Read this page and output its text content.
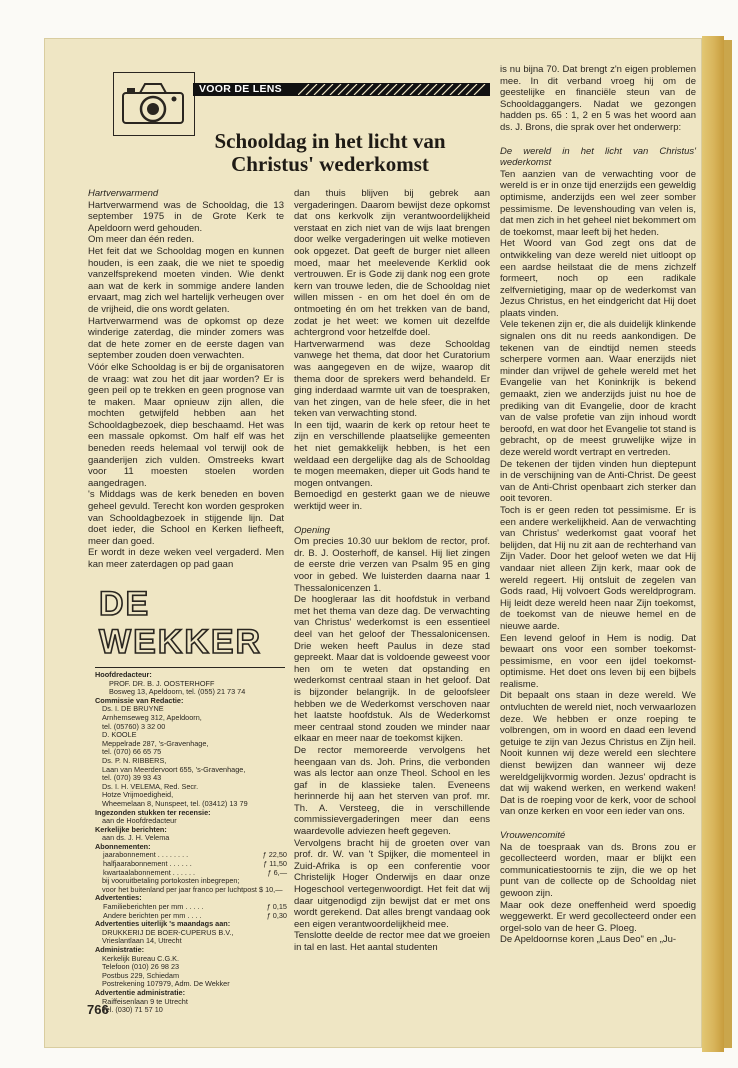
VOOR DE LENS
Schooldag in het licht van Christus' wederkomst

Hartverwarmend

Hartverwarmend was de Schooldag, die 13 september 1975 in de Grote Kerk te Apeldoorn werd gehouden.

Om meer dan één reden.

Het feit dat we Schooldag mogen en kunnen houden, is een zaak, die we niet te spoedig vanzelfsprekend moeten vinden. Wie denkt aan wat de kerk in sommige andere landen ervaart, mag zich wel hartelijk verheugen over de vrijheid, die ons wordt gelaten.

Hartverwarmend was de opkomst op deze winderige zaterdag, die minder zomers was dat de hete zomer en de eerste dagen van september zouden doen verwachten.

Vóór elke Schooldag is er bij de organisatoren de vraag: wat zou het dit jaar worden? Er is geen peil op te trekken en geen prognose van te maken. Maar opnieuw zijn allen, die mochten getwijfeld hebben aan het Schooldagbezoek, diep beschaamd. Het was een massale opkomst. Om half elf was het beneden reeds helemaal vol terwijl ook de gaanderijen zich vulden. Omstreeks kwart voor 11 moesten stoelen worden aangedragen.

's Middags was de kerk beneden en boven geheel gevuld. Terecht kon worden gesproken van Schooldagbezoek in stijgende lijn. Dat doet ieder, die School en Kerken liefheeft, meer dan goed.

Er wordt in deze weken veel vergaderd. Men kan meer zaterdagen op pad gaan

DE WEKKER
Hoofdredacteur:
PROF. DR. B. J. OOSTERHOFF
Bosweg 13, Apeldoorn, tel. (055) 21 73 74
Commissie van Redactie:
Ds. I. DE BRUYNE
Arnhemseweg 312, Apeldoorn,
tel. (05760) 3 32 00
D. KOOLE
Meppelrade 287, 's-Gravenhage,
tel. (070) 66 65 75
Ds. P. N. RIBBERS,
Laan van Meerdervoort 655, 's-Gravenhage,
tel. (070) 39 93 43
Ds. I. H. VELEMA, Red. Secr.
Hotze Vrijmoedigheid,
Wheemelaan 8, Nunspeet, tel. (03412) 13 79
Ingezonden stukken ter recensie:
aan de Hoofdredacteur
Kerkelijke berichten:
aan ds. J. H. Velema
Abonnementen:
jaarabonnement . . . . . . . .	ƒ 22,50
halfjaarabonnement . . . . . .	ƒ 11,50
kwartaalabonnement . . . . . .	ƒ 6,—
bij vooruitbetaling portokosten inbegrepen;
voor het buitenland per jaar franco per luchtpost $ 10,—
Advertenties:
Familieberichten per mm . . . . .	ƒ 0,15
Andere berichten per mm . . . .	ƒ 0,30
Advertenties uiterlijk 's maandags aan:
DRUKKERIJ DE BOER-CUPERUS B.V.,
Vrieslantlaan 14, Utrecht
Administratie:
Kerkelijk Bureau C.G.K.
Telefoon (010) 26 98 23
Postbus 229, Schiedam
Postrekening 107979, Adm. De Wekker
Advertentie administratie:
Raiffeisenlaan 9 te Utrecht
Tel. (030) 71 57 10

dan thuis blijven bij gebrek aan vergaderingen. Daarom bewijst deze opkomst dat ons kerkvolk zijn verantwoordelijkheid verstaat en zich niet van de wijs laat brengen door welke vergaderingen uit welke motieven ook opgezet. Dat geeft de burger niet alleen moed, maar het meelevende Kerklid ook vertrouwen. Er is Gode zij dank nog een grote kern van trouwe leden, die de Schooldag niet willen missen - en om het doel én om de ontmoeting én om het trekken van de band, zodat je het weet: we komen uit dezelfde achtergrond voor hetzelfde doel.

Hartverwarmend was deze Schooldag vanwege het thema, dat door het Curatorium was aangegeven en de wijze, waarop dit thema door de sprekers werd behandeld. Er ging inderdaad warmte uit van de toespraken, van het zingen, van de hele sfeer, die in het teken van verwachting stond.

In een tijd, waarin de kerk op retour heet te zijn en verschillende plaatselijke gemeenten het niet gemakkelijk hebben, is het een weldaad een dergelijke dag als de Schooldag te mogen meemaken, dieper uit Gods hand te mogen ontvangen.

Bemoedigd en gesterkt gaan we de nieuwe werktijd weer in.

Opening

Om precies 10.30 uur beklom de rector, prof. dr. B. J. Oosterhoff, de kansel. Hij liet zingen de eerste drie verzen van Psalm 95 en ging voor in gebed. We luisterden daarna naar 1 Thessalonicenzen 1.

De hoogleraar las dit hoofdstuk in verband met het thema van deze dag. De verwachting van Christus' wederkomst is een essentieel deel van het geloof der Thessalonicensen. Drie weken heeft Paulus in deze stad gepreekt. Maar dat is voldoende geweest voor hen om te weten dat opstanding en wederkomst centraal staan in het geloof. Dat is bijzonder belangrijk. In de geloofsleer hebben we de Wederkomst verschoven naar het laatste hoofdstuk. Als de Wederkomst meer centraal stond zouden we minder naar elkaar en meer naar de toekomst kijken.

De rector memoreerde vervolgens het heengaan van ds. Joh. Prins, die verbonden was als lector aan onze Theol. School en les gaf in de klassieke talen. Eveneens herinnerde hij aan het sterven van prof. mr. Th. A. Versteeg, die in verschillende commissievergaderingen meer dan eens waardevolle adviezen heeft gegeven.

Vervolgens bracht hij de groeten over van prof. dr. W. van 't Spijker, die momenteel in Zuid-Afrika is op een conferentie voor Christelijk Hoger Onderwijs en daar onze Hogeschool vertegenwoordigt. Het feit dat wij daar uitgenodigd zijn bewijst dat er met ons wordt gerekend. Dat alles brengt vandaag ook een eigen verantwoordelijkheid mee.

Tenslotte deelde de rector mee dat we groeien in tal en last. Het aantal studenten

is nu bijna 70. Dat brengt z'n eigen problemen mee. In dit verband vroeg hij om de geestelijke en financiële steun van de Schooldaggangers. Nadat we gezongen hadden ps. 65 : 1, 2 en 5 was het woord aan ds. J. Brons, die sprak over het onderwerp:

De wereld in het licht van Christus' wederkomst

Ten aanzien van de verwachting voor de wereld is er in onze tijd enerzijds een geweldig optimisme, anderzijds een wel zeer somber pessimisme. De levenshouding van velen is, dat men zich in het geheel niet bekommert om de toekomst, maar leeft bij het heden.

Het Woord van God zegt ons dat de ontwikkeling van deze wereld niet uitloopt op een aardse heilstaat die de mens zichzelf formeert, noch op een radikale zelfvernietiging, maar op de wederkomst van Jezus Christus, en het eindgericht dat Hij doet plaats vinden.

Vele tekenen zijn er, die als duidelijk klinkende signalen ons dit nu reeds aankondigen. De tekenen van de eindtijd nemen steeds scherpere vormen aan. Waar enerzijds niet minder dan vrijwel de gehele wereld met het Evangelie van het Koninkrijk is bekend gemaakt, zien we anderzijds juist nu hoe de prediking van dit Evangelie, door de kracht van de valse profetie van zijn inhoud wordt beroofd, en wat door het Evangelie tot stand is gebracht, op de meest gruwelijke wijze in deze wereld wordt vertrapt en vertreden.

De tekenen der tijden vinden hun dieptepunt in de verschijning van de Anti-Christ. De geest van de Anti-Christ openbaart zich sterker dan ooit tevoren.

Toch is er geen reden tot pessimisme. Er is een andere werkelijkheid. Aan de verwachting van Christus' wederkomst gaat vooraf het belijden, dat Hij nu zit aan de rechterhand van Zijn Vader. Door het geloof weten we dat Hij vandaar niet alleen Zijn kerk, maar ook de wereld regeert. Hij ontsluit de zegelen van Gods raad, Hij volvoert Gods wereldprogram. Hij leidt deze wereld heen naar Zijn toekomst, de toekomst van de nieuwe hemel en de nieuwe aarde.

Een levend geloof in Hem is nodig. Dat bewaart ons voor een somber toekomst-pessimisme, en voor een ijdel toekomst-optimisme. Het doet ons leven bij een bijbels realisme.

Dit bepaalt ons staan in deze wereld. We ontvluchten de wereld niet, noch verwaarlozen deze. We hebben er onze roeping te volbrengen, om in woord en daad een levend getuige te zijn van Jezus Christus en Zijn heil. Nooit kunnen wij deze wereld een slechtere dienst bewijzen dan wanneer wij deze wereldgelijkvormig worden. Jezus' opdracht is dat wij wakend werken, en werkend waken! Dat is de roeping voor de kerk, voor de school van onze kerken en voor een ieder van ons.

Vrouwencomité

Na de toespraak van ds. Brons zou er gecollecteerd worden, maar er blijkt een communicatiestoornis te zijn, die we op het punt van de collecte op de Schooldag niet gewoon zijn.

Maar ook deze oneffenheid werd spoedig weggewerkt. Er werd gecollecteerd onder een orgel-solo van de heer G. Ploeg.

De Apeldoornse koren „Laus Deo" en „Ju-

766
